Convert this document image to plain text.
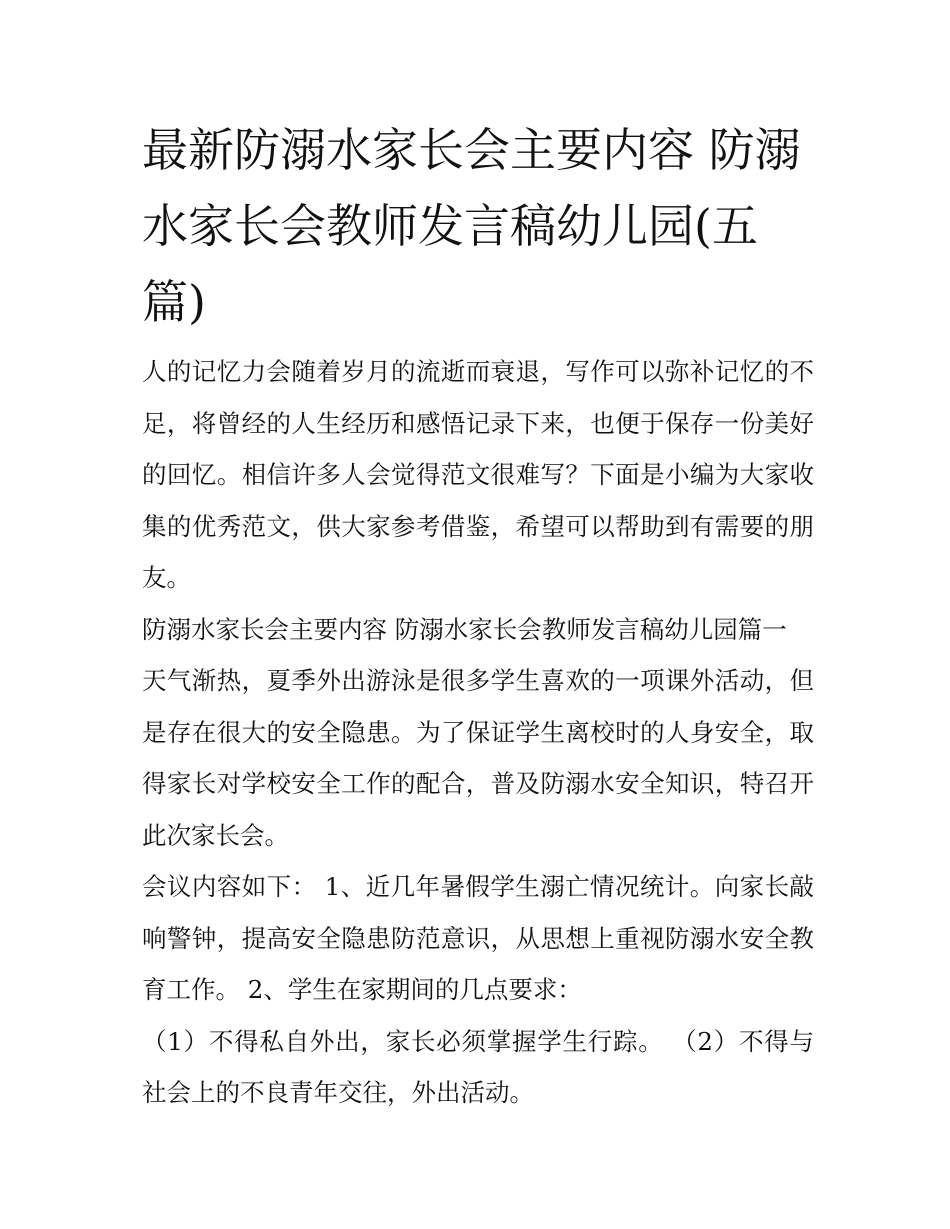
最新防溺水家长会主要内容 防溺水家长会教师发言稿幼儿园(五篇)

人的记忆力会随着岁月的流逝而衰退，写作可以弥补记忆的不足，将曾经的人生经历和感悟记录下来，也便于保存一份美好的回忆。相信许多人会觉得范文很难写？下面是小编为大家收集的优秀范文，供大家参考借鉴，希望可以帮助到有需要的朋友。

防溺水家长会主要内容 防溺水家长会教师发言稿幼儿园篇一

天气渐热，夏季外出游泳是很多学生喜欢的一项课外活动，但是存在很大的安全隐患。为了保证学生离校时的人身安全，取得家长对学校安全工作的配合，普及防溺水安全知识，特召开此次家长会。

会议内容如下： 1、近几年暑假学生溺亡情况统计。向家长敲响警钟，提高安全隐患防范意识，从思想上重视防溺水安全教育工作。 2、学生在家期间的几点要求：

（1）不得私自外出，家长必须掌握学生行踪。 （2）不得与社会上的不良青年交往，外出活动。
